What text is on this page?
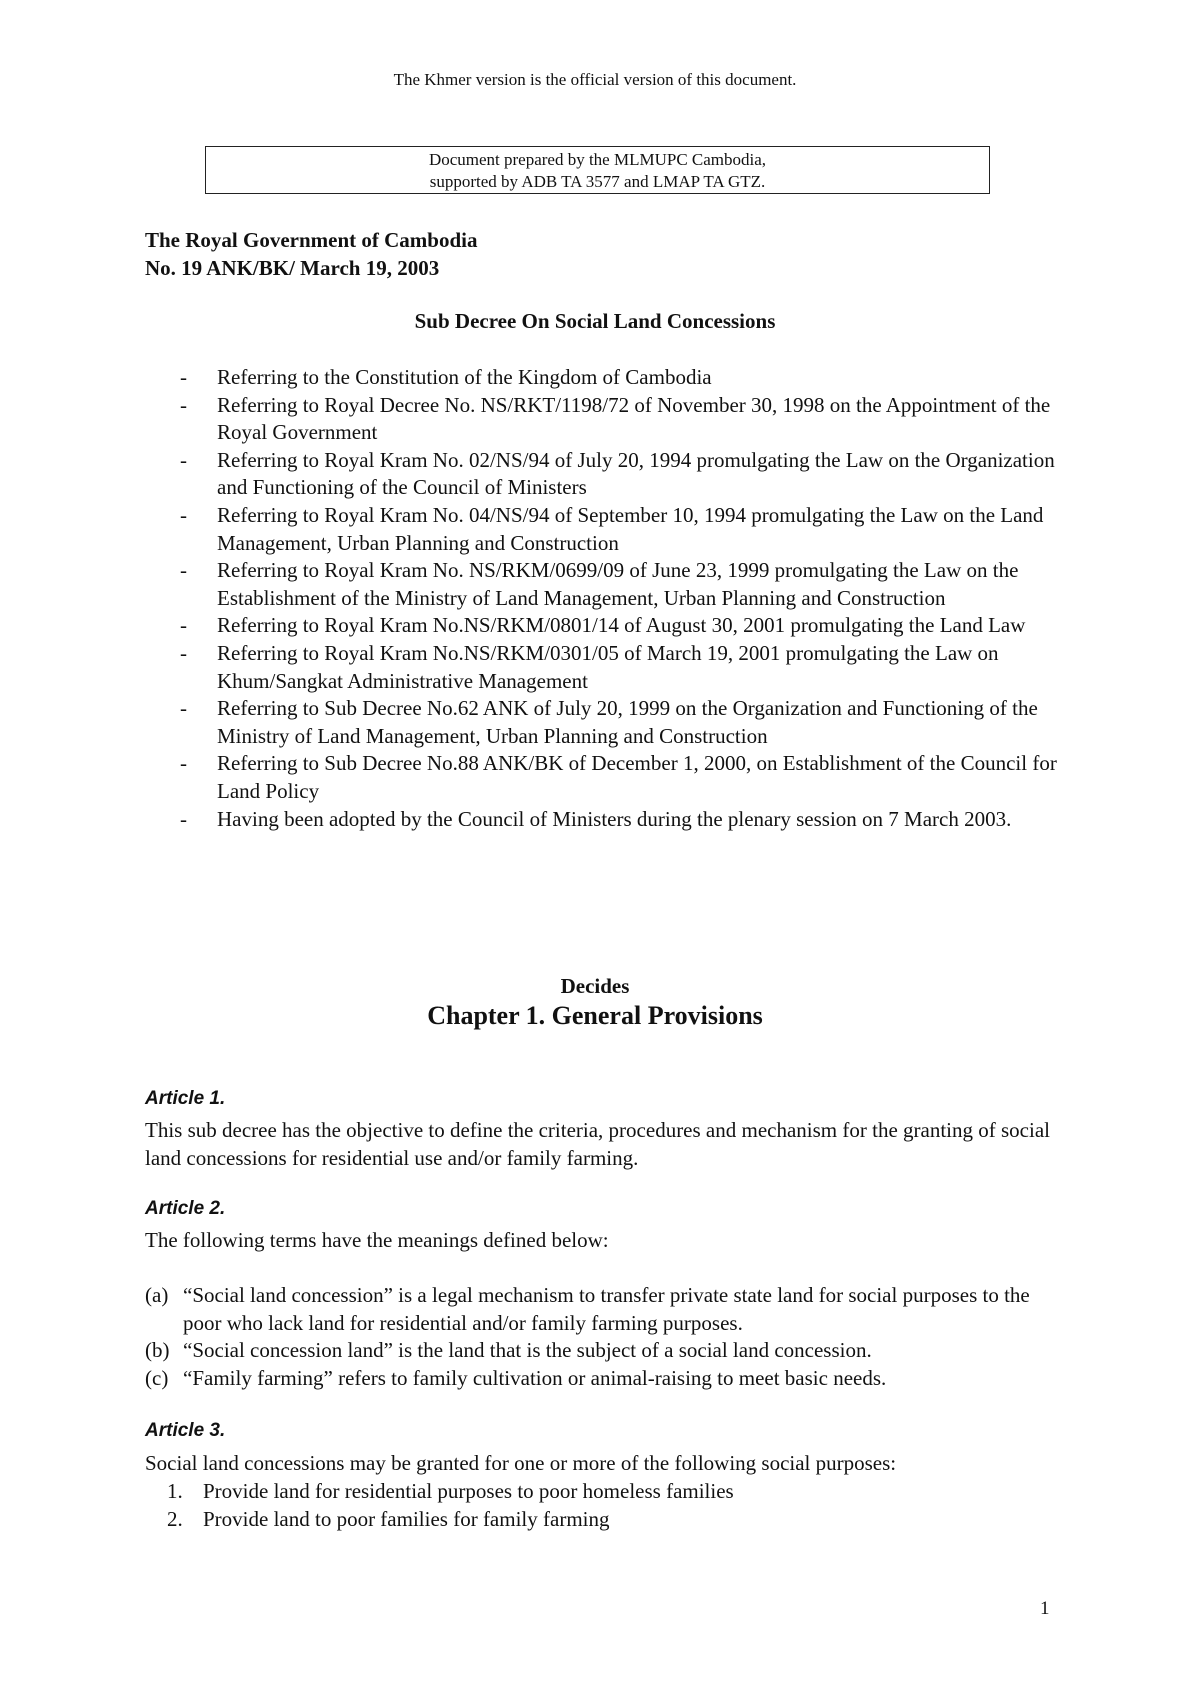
The Khmer version is the official version of this document.
Document prepared by the MLMUPC Cambodia,
supported by ADB TA 3577 and LMAP TA GTZ.
The Royal Government of Cambodia
No. 19 ANK/BK/ March 19, 2003
Sub Decree On Social Land Concessions
- Referring to the Constitution of the Kingdom of Cambodia
- Referring to Royal Decree No. NS/RKT/1198/72 of November 30, 1998 on the Appointment of the Royal Government
- Referring to Royal Kram No. 02/NS/94 of July 20, 1994 promulgating the Law on the Organization and Functioning of the Council of Ministers
- Referring to Royal Kram No. 04/NS/94 of September 10, 1994 promulgating the Law on the Land Management, Urban Planning and Construction
- Referring to Royal Kram No. NS/RKM/0699/09 of June 23, 1999 promulgating the Law on the Establishment of the Ministry of Land Management, Urban Planning and Construction
- Referring to Royal Kram No.NS/RKM/0801/14 of August 30, 2001 promulgating the Land Law
- Referring to Royal Kram No.NS/RKM/0301/05 of March 19, 2001 promulgating the Law on Khum/Sangkat Administrative Management
- Referring to Sub Decree No.62 ANK of July 20, 1999 on the Organization and Functioning of the Ministry of Land Management, Urban Planning and Construction
- Referring to Sub Decree No.88 ANK/BK of December 1, 2000, on Establishment of the Council for Land Policy
- Having been adopted by the Council of Ministers during the plenary session on 7 March 2003.
Decides
Chapter 1. General Provisions
Article 1.
This sub decree has the objective to define the criteria, procedures and mechanism for the granting of social land concessions for residential use and/or family farming.
Article 2.
The following terms have the meanings defined below:
(a) “Social land concession” is a legal mechanism to transfer private state land for social purposes to the poor who lack land for residential and/or family farming purposes.
(b) “Social concession land” is the land that is the subject of a social land concession.
(c) “Family farming” refers to family cultivation or animal-raising to meet basic needs.
Article 3.
Social land concessions may be granted for one or more of the following social purposes:
1. Provide land for residential purposes to poor homeless families
2. Provide land to poor families for family farming
1
